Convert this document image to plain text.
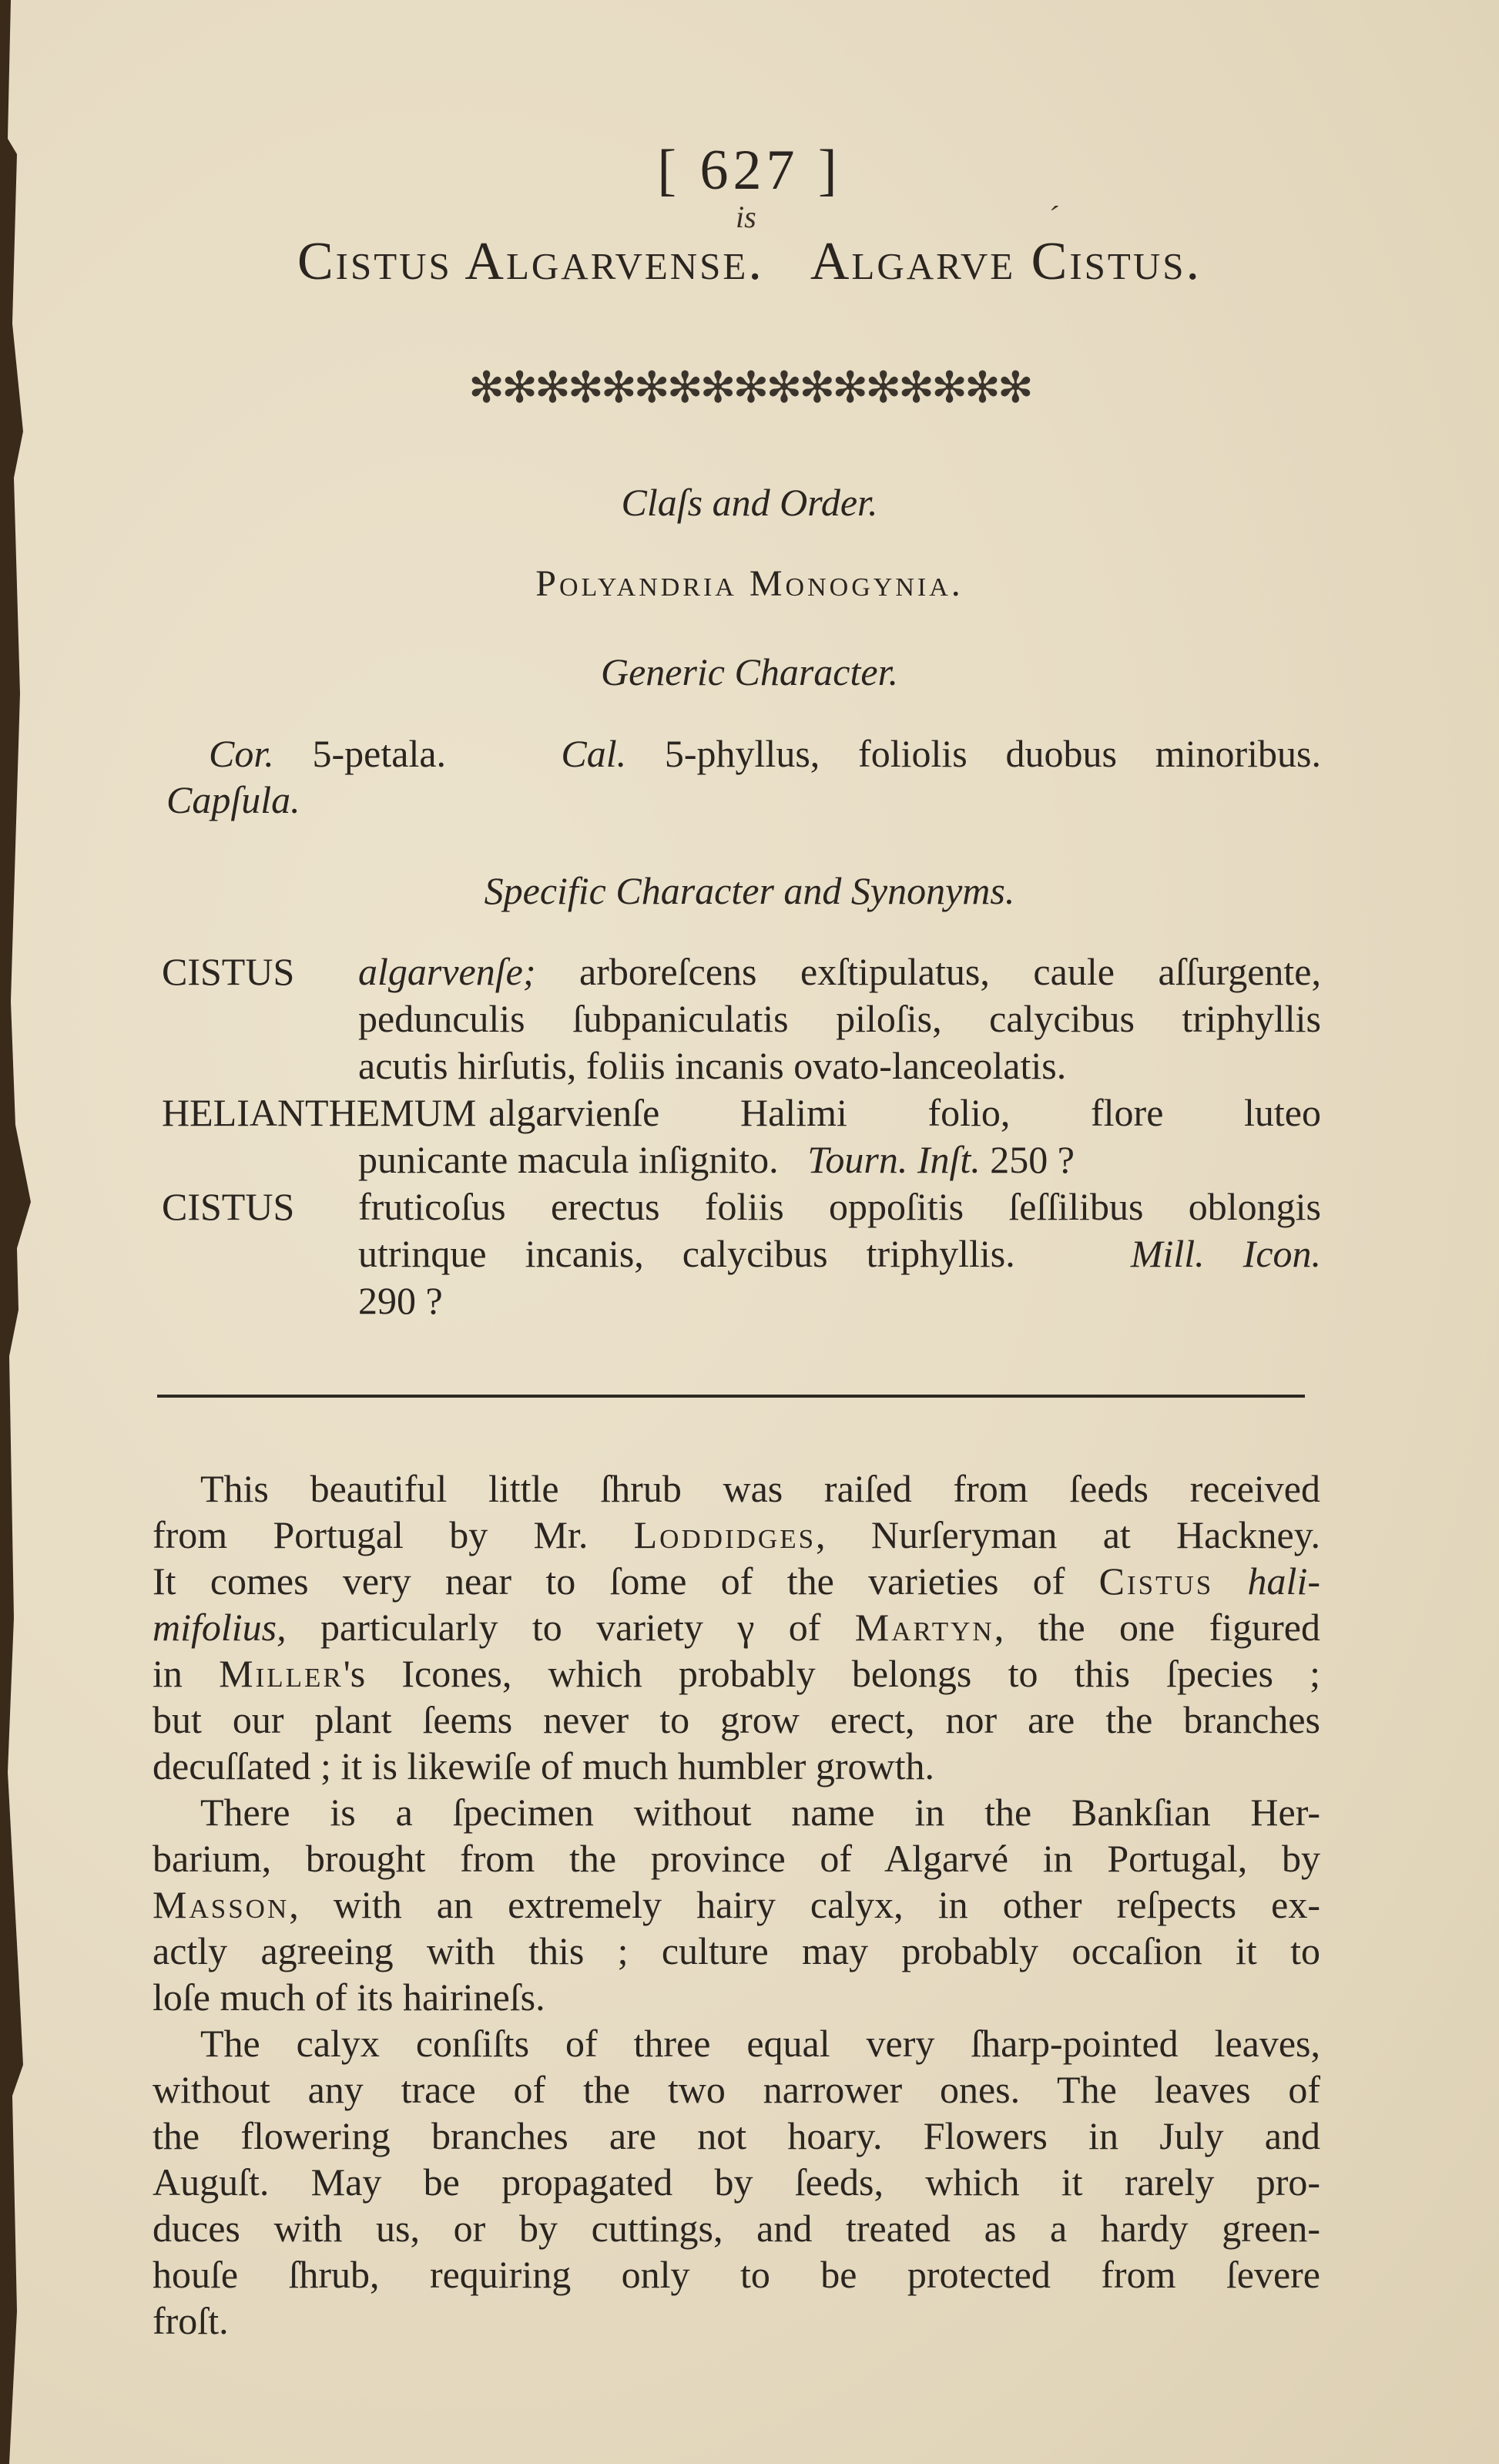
[ 627 ]
Cistus Algarvense. Algarve Cistus.
is	´
✻✻✻✻✻✻✻✻✻✻✻✻✻✻✻✻✻
Claſs and Order.
Polyandria Monogynia.
Generic Character.
Cor. 5-petala.   Cal. 5-phyllus, foliolis duobus minoribus.
Capſula.
Specific Character and Synonyms.
CISTUS	algarvenſe; arboreſcens exſtipulatus, caule aſſurgente,
pedunculis ſubpaniculatis piloſis, calycibus triphyllis
acutis hirſutis, foliis incanis ovato-lanceolatis.
HELIANTHEMUM algarvienſe Halimi folio, flore luteo
punicante macula inſignito.   Tourn. Inſt. 250 ?
CISTUS	fruticoſus erectus foliis oppoſitis ſeſſilibus oblongis
utrinque incanis, calycibus triphyllis.   Mill. Icon.
290 ?
This beautiful little ſhrub was raiſed from ſeeds received
from Portugal by Mr. Loddidges, Nurſeryman at Hackney.
It comes very near to ſome of the varieties of Cistus hali-
mifolius, particularly to variety γ of Martyn, the one figured
in Miller's Icones, which probably belongs to this ſpecies ;
but our plant ſeems never to grow erect, nor are the branches
decuſſated ; it is likewiſe of much humbler growth.
There is a ſpecimen without name in the Bankſian Her-
barium, brought from the province of Algarvé in Portugal, by
Masson, with an extremely hairy calyx, in other reſpects ex-
actly agreeing with this ; culture may probably occaſion it to
loſe much of its hairineſs.
The calyx conſiſts of three equal very ſharp-pointed leaves,
without any trace of the two narrower ones. The leaves of
the flowering branches are not hoary. Flowers in July and
Auguſt. May be propagated by ſeeds, which it rarely pro-
duces with us, or by cuttings, and treated as a hardy green-
houſe ſhrub, requiring only to be protected from ſevere
froſt.
